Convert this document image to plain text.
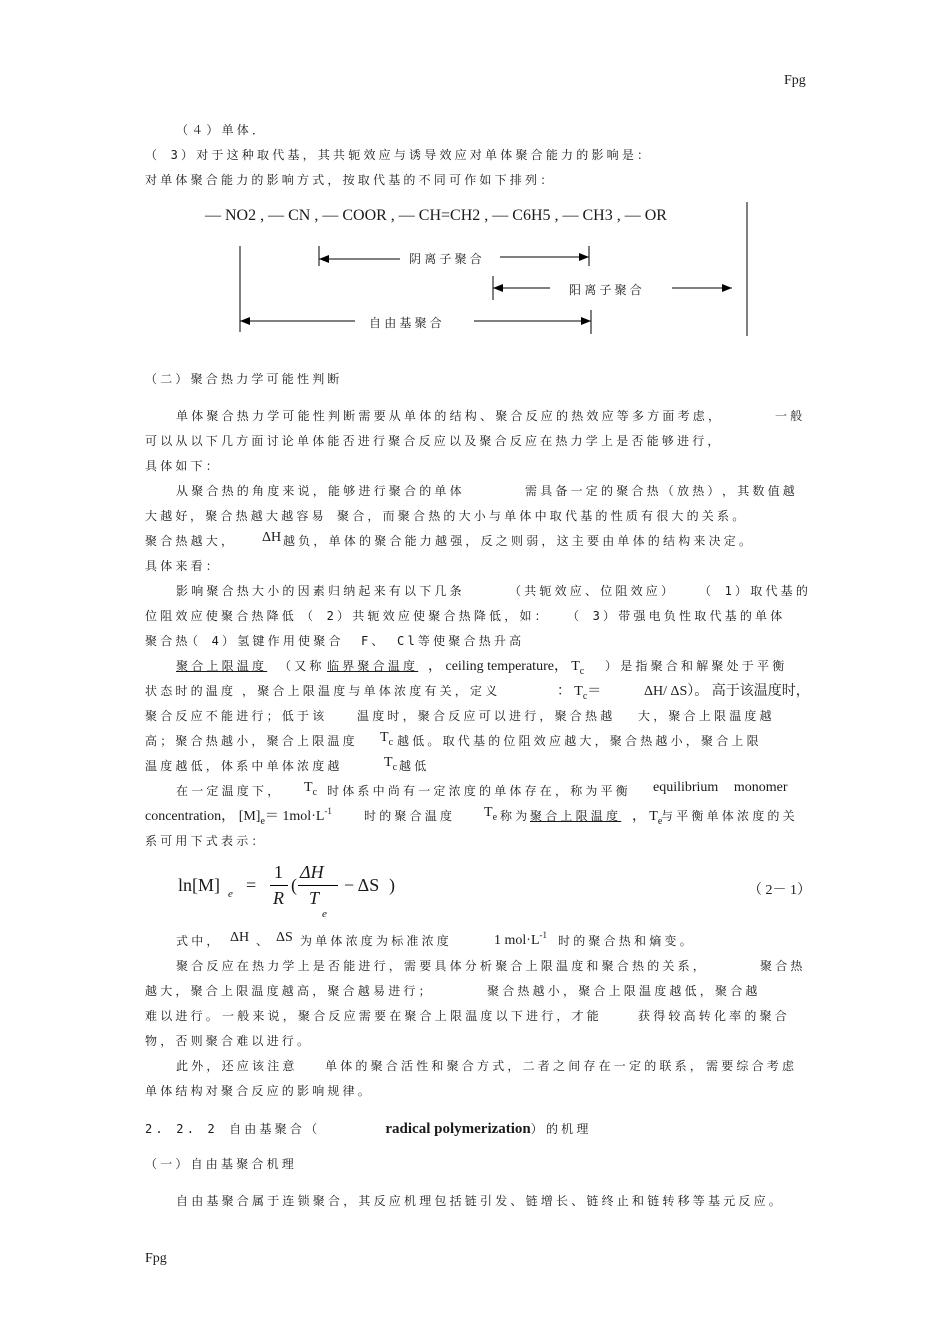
Fpg
Fpg
（４）单体．
（ 3）对于这种取代基，其共轭效应与诱导效应对单体聚合能力的影响是：
对单体聚合能力的影响方式，按取代基的不同可作如下排列：
— NO2 , — CN , — COOR , — CH=CH2 , — C6H5 , — CH3 , — OR
阴离子聚合
阳离子聚合
自由基聚合
（二）聚合热力学可能性判断
单体聚合热力学可能性判断需要从单体的结构、聚合反应的热效应等多方面考虑，	一般
可以从以下几方面讨论单体能否进行聚合反应以及聚合反应在热力学上是否能够进行，
具体如下：
从聚合热的角度来说，能够进行聚合的单体	需具备一定的聚合热（放热） ，其数值越
大越好 ，聚合热越大越容易 聚合，而聚合热的大小与单体中取代基的性质有很大的关系。
聚合热越大， ΔH 越负，单体的聚合能力越强，反之则弱，这主要由单体的结构来决定。
具体来看：
影响聚合热大小的因素归纳起来有以下几条	（共轭效应、位阻效应） （ 1）取代基的
位阻效应使聚合热降低 （ 2）共轭效应使聚合热降低，如： （ 3）带强电负性取代基的单体
聚合热
（ 4）氢键作用使聚合 F、 Cl等使聚合热升高
聚合上限温度 （又称 临界聚合温度 ， ceiling temperature， $T_c$ ）是指聚合和解聚处于平衡
状态时的温度 ，聚合上限温度与单体浓度有关，定义	： $T_c=$	ΔH/ ΔS）。 高于该温度时，
聚合反应不能进行；低于该 温度时，聚合反应可以进行，聚合热越 大，聚合上限温度越
高；聚合热越小，聚合上限温度 $T_c$ 越低。取代基的位阻效应越大，聚合热越小，聚合上限
温度越低，体系中单体浓度越	$T_c$ 越低
在一定温度下， $T_c$ 时体系中尚有一定浓度的单体存在，称为平衡 equilibrium monomer
concentration， $[M]_e= 1mol\cdot L^{-1}$	时的聚合温度 $T_e$ 称为 聚合上限温度 ， $T_e$
与平衡单体浓度的关
系可用下式表示：
ln[M] e =
1
R
(
ΔH
T
e
− ΔS )	（ 2－ 1）
式中， ΔH 、 ΔS 为单体浓度为标准浓度	1 $mol\cdot L^{-1}$ 时的聚合热和熵变。
聚合反应在热力学上是否能进行，需要具体分析聚合上限温度和聚合热的关系，	聚合热
越大，聚合上限温度越高，聚合越易进行；	聚合热越小，聚合上限温度越低，聚合越
难以进行。 一般来说，聚合反应需要在聚合上限温度以下进行，才能	获得较高转化率的聚合
物，否则聚合难以进行。
此外，还应该注意 单体的聚合活性和聚合方式，二者之间存在一定的联系， 需要综合考虑
单体结构对聚合反应的影响规律。
2. 2. 2 自由基聚合（	radical polymerization）的机理
（一）自由基聚合机理
自由基聚合属于连锁聚合，其反应机理包括链引发、链增长、链终止和链转移等基元反应。
